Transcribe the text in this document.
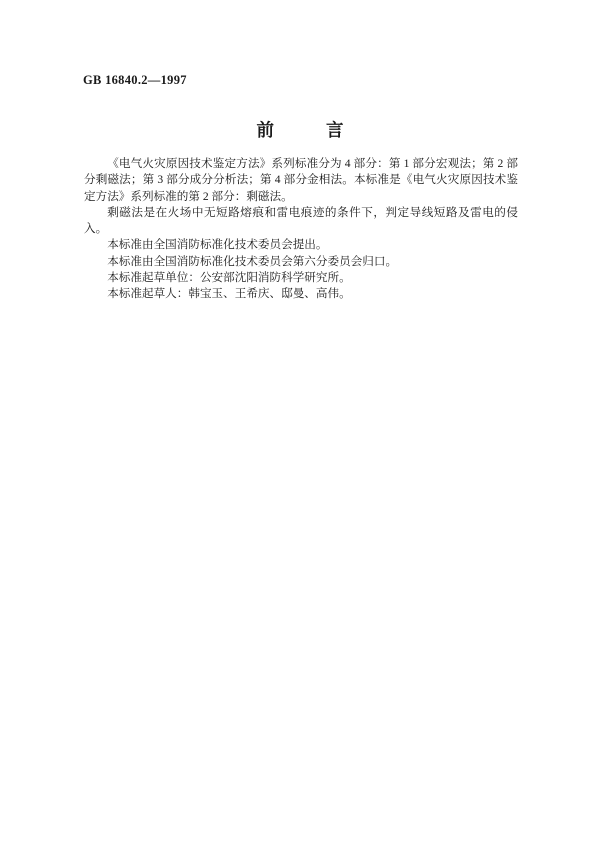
GB 16840.2—1997
前	言

《电气火灾原因技术鉴定方法》系列标准分为 4 部分：第 1 部分宏观法；第 2 部分剩磁法；第 3 部分成分分析法；第 4 部分金相法。本标准是《电气火灾原因技术鉴定方法》系列标准的第 2 部分：剩磁法。

剩磁法是在火场中无短路熔痕和雷电痕迹的条件下，判定导线短路及雷电的侵入。

本标准由全国消防标准化技术委员会提出。

本标准由全国消防标准化技术委员会第六分委员会归口。

本标准起草单位：公安部沈阳消防科学研究所。

本标准起草人：韩宝玉、王希庆、邸曼、高伟。
